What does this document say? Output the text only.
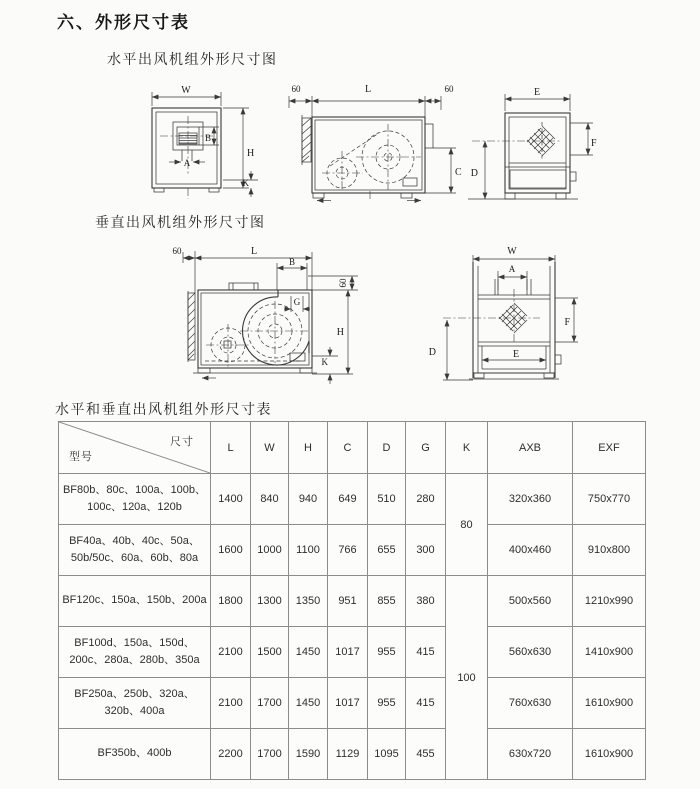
六、外形尺寸表
水平出风机组外形尺寸图
垂直出风机组外形尺寸图
水平和垂直出风机组外形尺寸表
W
H
K
B
A
60	L	60
C
E
F
D
60	L
B
60
G
H
K
W
A
F
D	E
尺寸
型号	L	W	H	C	D	G	K	AXB	EXF
BF80b、80c、100a、100b、100c、120a、120b	1400	840	940	649	510	280	80	320x360	750x770
BF40a、40b、40c、50a、50b/50c、60a、60b、80a	1600	1000	1100	766	655	300		400x460	910x800
BF120c、150a、150b、200a	1800	1300	1350	951	855	380	100	500x560	1210x990
BF100d、150a、150d、200c、280a、280b、350a	2100	1500	1450	1017	955	415		560x630	1410x900
BF250a、250b、320a、320b、400a	2100	1700	1450	1017	955	415		760x630	1610x900
BF350b、400b	2200	1700	1590	1129	1095	455		630x720	1610x900
